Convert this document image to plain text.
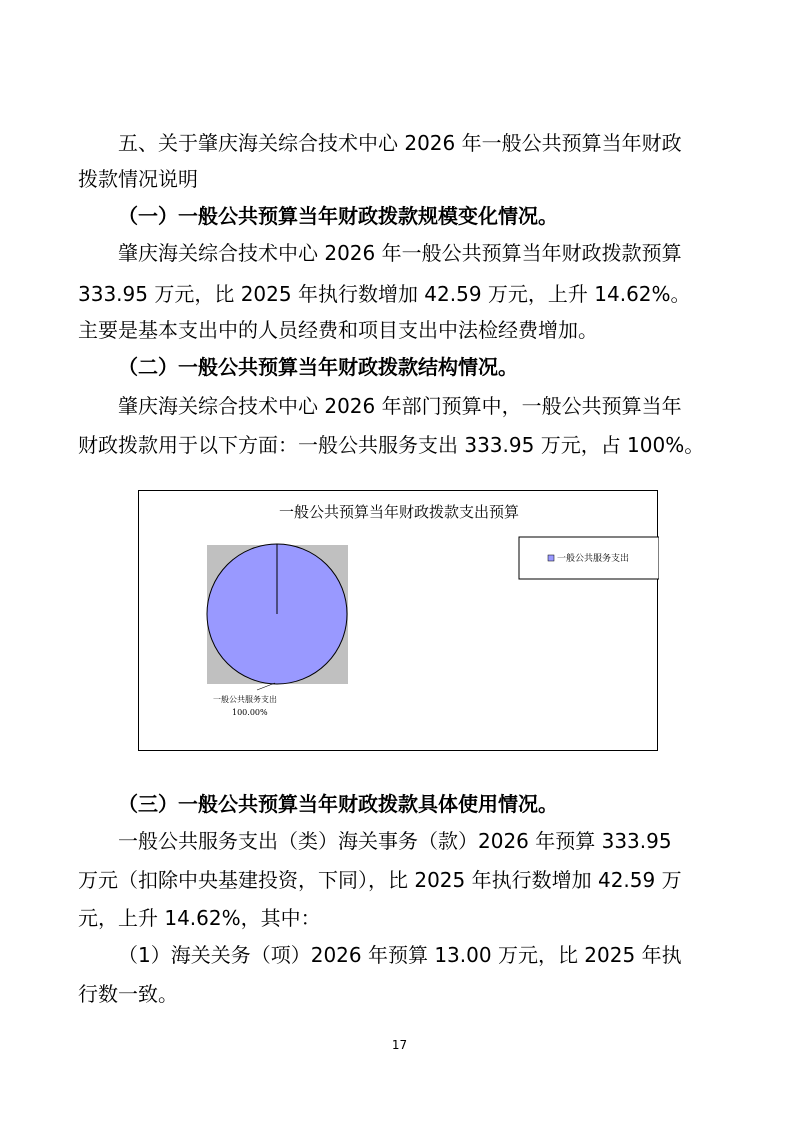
五、关于肇庆海关综合技术中心 2026 年一般公共预算当年财政
拨款情况说明
（一）一般公共预算当年财政拨款规模变化情况。
肇庆海关综合技术中心 2026 年一般公共预算当年财政拨款预算
333.95 万元，比 2025 年执行数增加 42.59 万元，上升 14.62%。
主要是基本支出中的人员经费和项目支出中法检经费增加。
（二）一般公共预算当年财政拨款结构情况。
肇庆海关综合技术中心 2026 年部门预算中，一般公共预算当年
财政拨款用于以下方面：一般公共服务支出 333.95 万元，占 100%。
一般公共预算当年财政拨款支出预算
一般公共服务支出
一般公共服务支出
100.00%
（三）一般公共预算当年财政拨款具体使用情况。
一般公共服务支出（类）海关事务（款）2026 年预算 333.95
万元（扣除中央基建投资，下同），比 2025 年执行数增加 42.59 万
元，上升 14.62%，其中：
（1）海关关务（项）2026 年预算 13.00 万元，比 2025 年执
行数一致。
17
